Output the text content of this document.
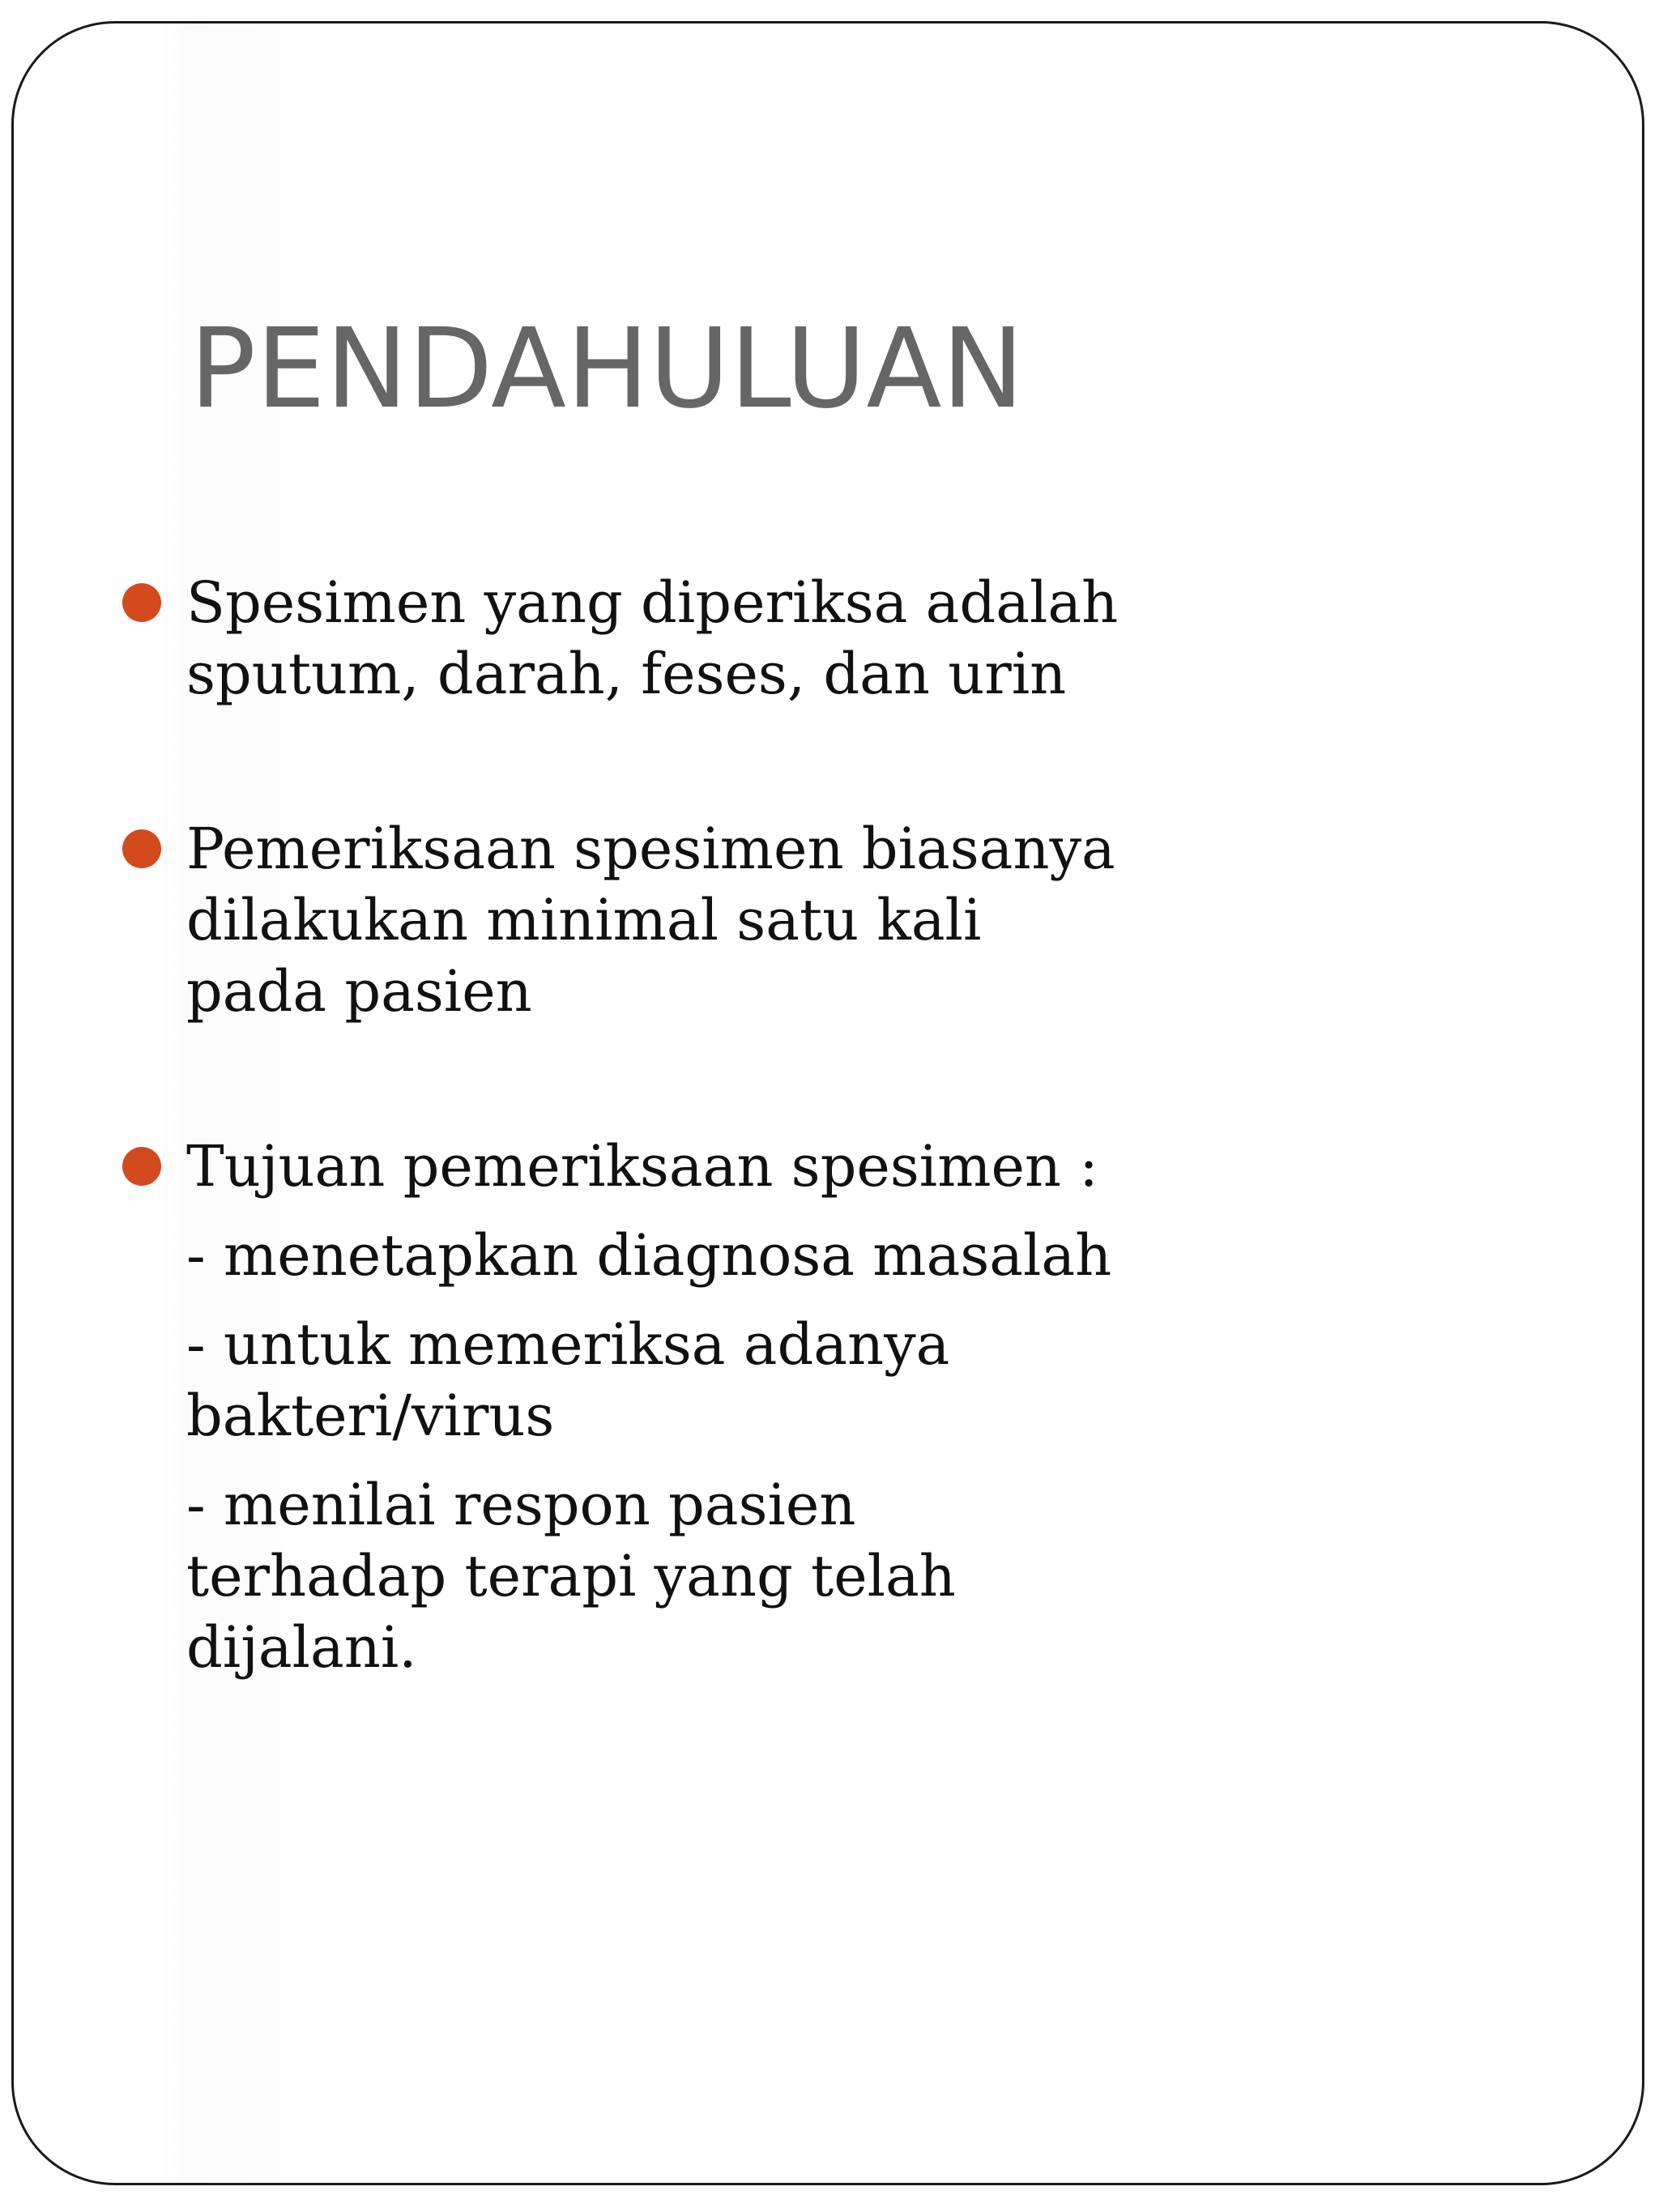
PENDAHULUAN
Spesimen yang diperiksa adalah
sputum, darah, feses, dan urin
Pemeriksaan spesimen biasanya
dilakukan minimal satu kali
pada pasien
Tujuan pemeriksaan spesimen :
- menetapkan diagnosa masalah
- untuk memeriksa adanya
bakteri/virus
- menilai respon pasien
terhadap terapi yang telah
dijalani.
